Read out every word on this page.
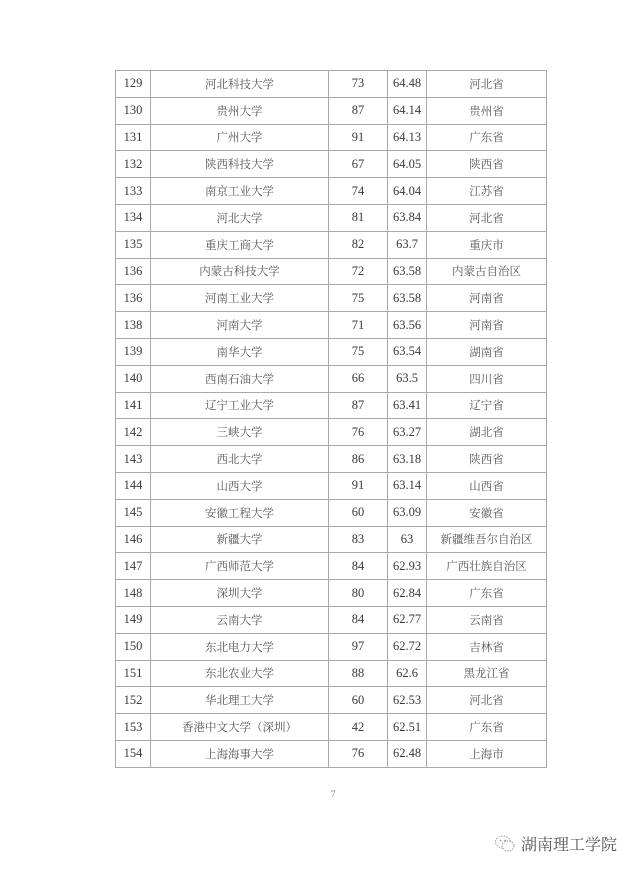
129	河北科技大学	73	64.48	河北省
130	贵州大学	87	64.14	贵州省
131	广州大学	91	64.13	广东省
132	陕西科技大学	67	64.05	陕西省
133	南京工业大学	74	64.04	江苏省
134	河北大学	81	63.84	河北省
135	重庆工商大学	82	63.7	重庆市
136	内蒙古科技大学	72	63.58	内蒙古自治区
136	河南工业大学	75	63.58	河南省
138	河南大学	71	63.56	河南省
139	南华大学	75	63.54	湖南省
140	西南石油大学	66	63.5	四川省
141	辽宁工业大学	87	63.41	辽宁省
142	三峡大学	76	63.27	湖北省
143	西北大学	86	63.18	陕西省
144	山西大学	91	63.14	山西省
145	安徽工程大学	60	63.09	安徽省
146	新疆大学	83	63	新疆维吾尔自治区
147	广西师范大学	84	62.93	广西壮族自治区
148	深圳大学	80	62.84	广东省
149	云南大学	84	62.77	云南省
150	东北电力大学	97	62.72	吉林省
151	东北农业大学	88	62.6	黑龙江省
152	华北理工大学	60	62.53	河北省
153	香港中文大学（深圳）	42	62.51	广东省
154	上海海事大学	76	62.48	上海市
7
湖南理工学院
